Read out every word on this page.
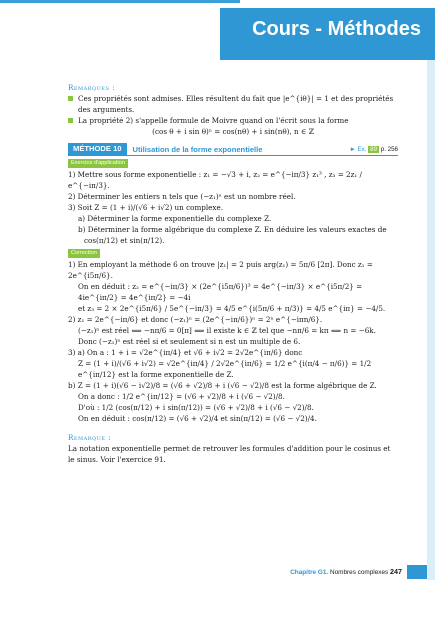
Cours - Méthodes
Remarques :
Ces propriétés sont admises. Elles résultent du fait que |e^{iθ}| = 1 et des propriétés des arguments.
La propriété 2) s'appelle formule de Moivre quand on l'écrit sous la forme
(cos θ + i sin θ)ⁿ = cos(nθ) + i sin(nθ), n ∈ ℤ
MÉTHODE 10	Utilisation de la forme exponentielle	► Ex. 89 p. 256
Exercice d'application
1) Mettre sous forme exponentielle : z₁ = −√3 + i, z₂ = e^{−iπ/3} z₁³ , z₃ = 2z₁ / e^{−iπ/3}.
2) Déterminer les entiers n tels que (−z₁)ⁿ est un nombre réel.
3) Soit Z = (1 + i)/(√6 + i√2) un complexe.
a) Déterminer la forme exponentielle du complexe Z.
b) Déterminer la forme algébrique du complexe Z. En déduire les valeurs exactes de
cos(π/12) et sin(π/12).
Correction
1) En employant la méthode 6 on trouve |z₁| = 2 puis arg(z₁) = 5π/6 [2π]. Donc z₁ = 2e^{i5π/6}.
On en déduit : z₂ = e^{−iπ/3} × (2e^{i5π/6})³ = 4e^{−iπ/3} × e^{i5π/2} = 4ie^{iπ/2} = 4e^{iπ/2} = −4i
et z₃ = 2 × 2e^{i5π/6} / 5e^{−iπ/3} = 4/5 e^{i(5π/6 + π/3)} = 4/5 e^{iπ} = −4/5.
2) z₁ = 2e^{−iπ/6} et donc (−z₁)ⁿ = (2e^{−iπ/6})ⁿ = 2ⁿ e^{−iπn/6}.
(−z₁)ⁿ est réel ⟺ −nπ/6 = 0[π] ⟺ il existe k ∈ ℤ tel que −nπ/6 = kπ ⟺ n = −6k.
Donc (−z₁)ⁿ est réel si et seulement si n est un multiple de 6.
3) a) On a : 1 + i = √2e^{iπ/4} et √6 + i√2 = 2√2e^{iπ/6} donc
Z = (1 + i)/(√6 + i√2) = √2e^{iπ/4} / 2√2e^{iπ/6} = 1/2 e^{i(π/4 − π/6)} = 1/2 e^{iπ/12} est la forme exponentielle de Z.
b) Z = (1 + i)(√6 − i√2)/8 = (√6 + √2)/8 + i (√6 − √2)/8 est la forme algébrique de Z.
On a donc : 1/2 e^{iπ/12} = (√6 + √2)/8 + i (√6 − √2)/8.
D'où : 1/2 (cos(π/12) + i sin(π/12)) = (√6 + √2)/8 + i (√6 − √2)/8.
On en déduit : cos(π/12) = (√6 + √2)/4 et sin(π/12) = (√6 − √2)/4.
Remarque :
La notation exponentielle permet de retrouver les formules d'addition pour le cosinus et le sinus. Voir l'exercice 91.
Chapitre G1. Nombres complexes 247
